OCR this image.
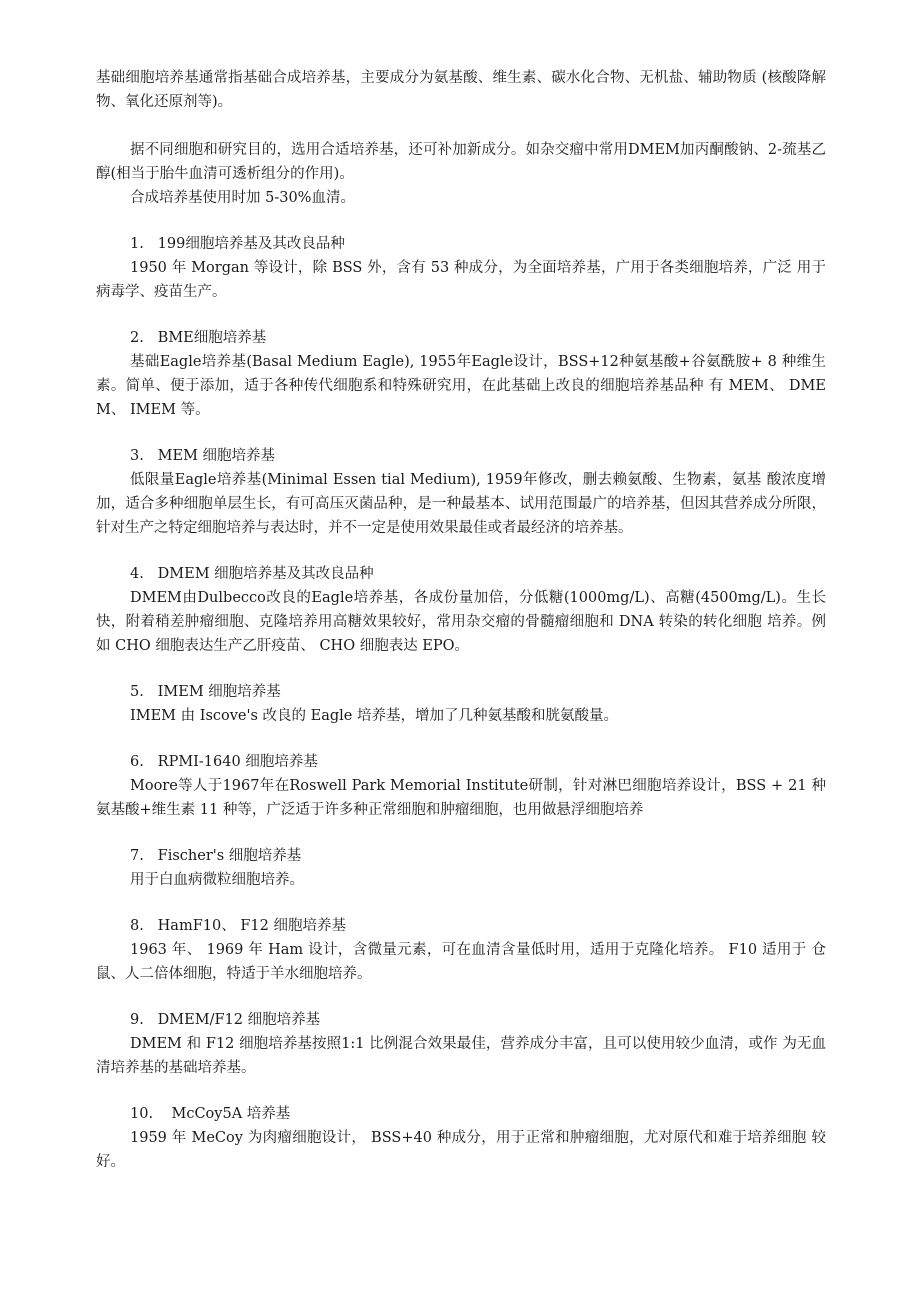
基础细胞培养基通常指基础合成培养基，主要成分为氨基酸、维生素、碳水化合物、无机盐、辅助物质 (核酸降解物、氧化还原剂等)。

据不同细胞和研究目的，选用合适培养基，还可补加新成分。如杂交瘤中常用DMEM加丙酮酸钠、2-巯基乙醇(相当于胎牛血清可透析组分的作用)。

合成培养基使用时加 5-30%血清。

1.   199细胞培养基及其改良品种

1950 年 Morgan 等设计，除 BSS 外，含有 53 种成分，为全面培养基，广用于各类细胞培养，广泛 用于病毒学、疫苗生产。

2.   BME细胞培养基

基础Eagle培养基(Basal Medium Eagle), 1955年Eagle设计，BSS+12种氨基酸+谷氨酰胺+ 8 种维生素。简单、便于添加，适于各种传代细胞系和特殊研究用，在此基础上改良的细胞培养基品种 有 MEM、 DMEM、 IMEM 等。

3.   MEM 细胞培养基

低限量Eagle培养基(Minimal Essen tial Medium), 1959年修改，删去赖氨酸、生物素，氨基 酸浓度增加，适合多种细胞单层生长，有可高压灭菌品种，是一种最基本、试用范围最广的培养基，但因其营养成分所限，针对生产之特定细胞培养与表达时，并不一定是使用效果最佳或者最经济的培养基。

4.   DMEM 细胞培养基及其改良品种

DMEM由Dulbecco改良的Eagle培养基，各成份量加倍，分低糖(1000mg/L)、高糖(4500mg/L)。生长快，附着稍差肿瘤细胞、克隆培养用高糖效果较好，常用杂交瘤的骨髓瘤细胞和 DNA 转染的转化细胞 培养。例如 CHO 细胞表达生产乙肝疫苗、 CHO 细胞表达 EPO。

5.   IMEM 细胞培养基

IMEM 由 Iscove's 改良的 Eagle 培养基，增加了几种氨基酸和胱氨酸量。

6.   RPMI-1640 细胞培养基

Moore等人于1967年在Roswell Park Memorial Institute研制，针对淋巴细胞培养设计，BSS + 21 种氨基酸+维生素 11 种等，广泛适于许多种正常细胞和肿瘤细胞，也用做悬浮细胞培养

7.   Fischer's 细胞培养基

用于白血病微粒细胞培养。

8.   HamF10、 F12 细胞培养基

1963 年、 1969 年 Ham 设计，含微量元素，可在血清含量低时用，适用于克隆化培养。 F10 适用于 仓鼠、人二倍体细胞，特适于羊水细胞培养。

9.   DMEM/F12 细胞培养基

DMEM 和 F12 细胞培养基按照1:1 比例混合效果最佳，营养成分丰富，且可以使用较少血清，或作 为无血清培养基的基础培养基。

10.    McCoy5A 培养基

1959 年 MeCoy 为肉瘤细胞设计， BSS+40 种成分，用于正常和肿瘤细胞，尤对原代和难于培养细胞 较好。
